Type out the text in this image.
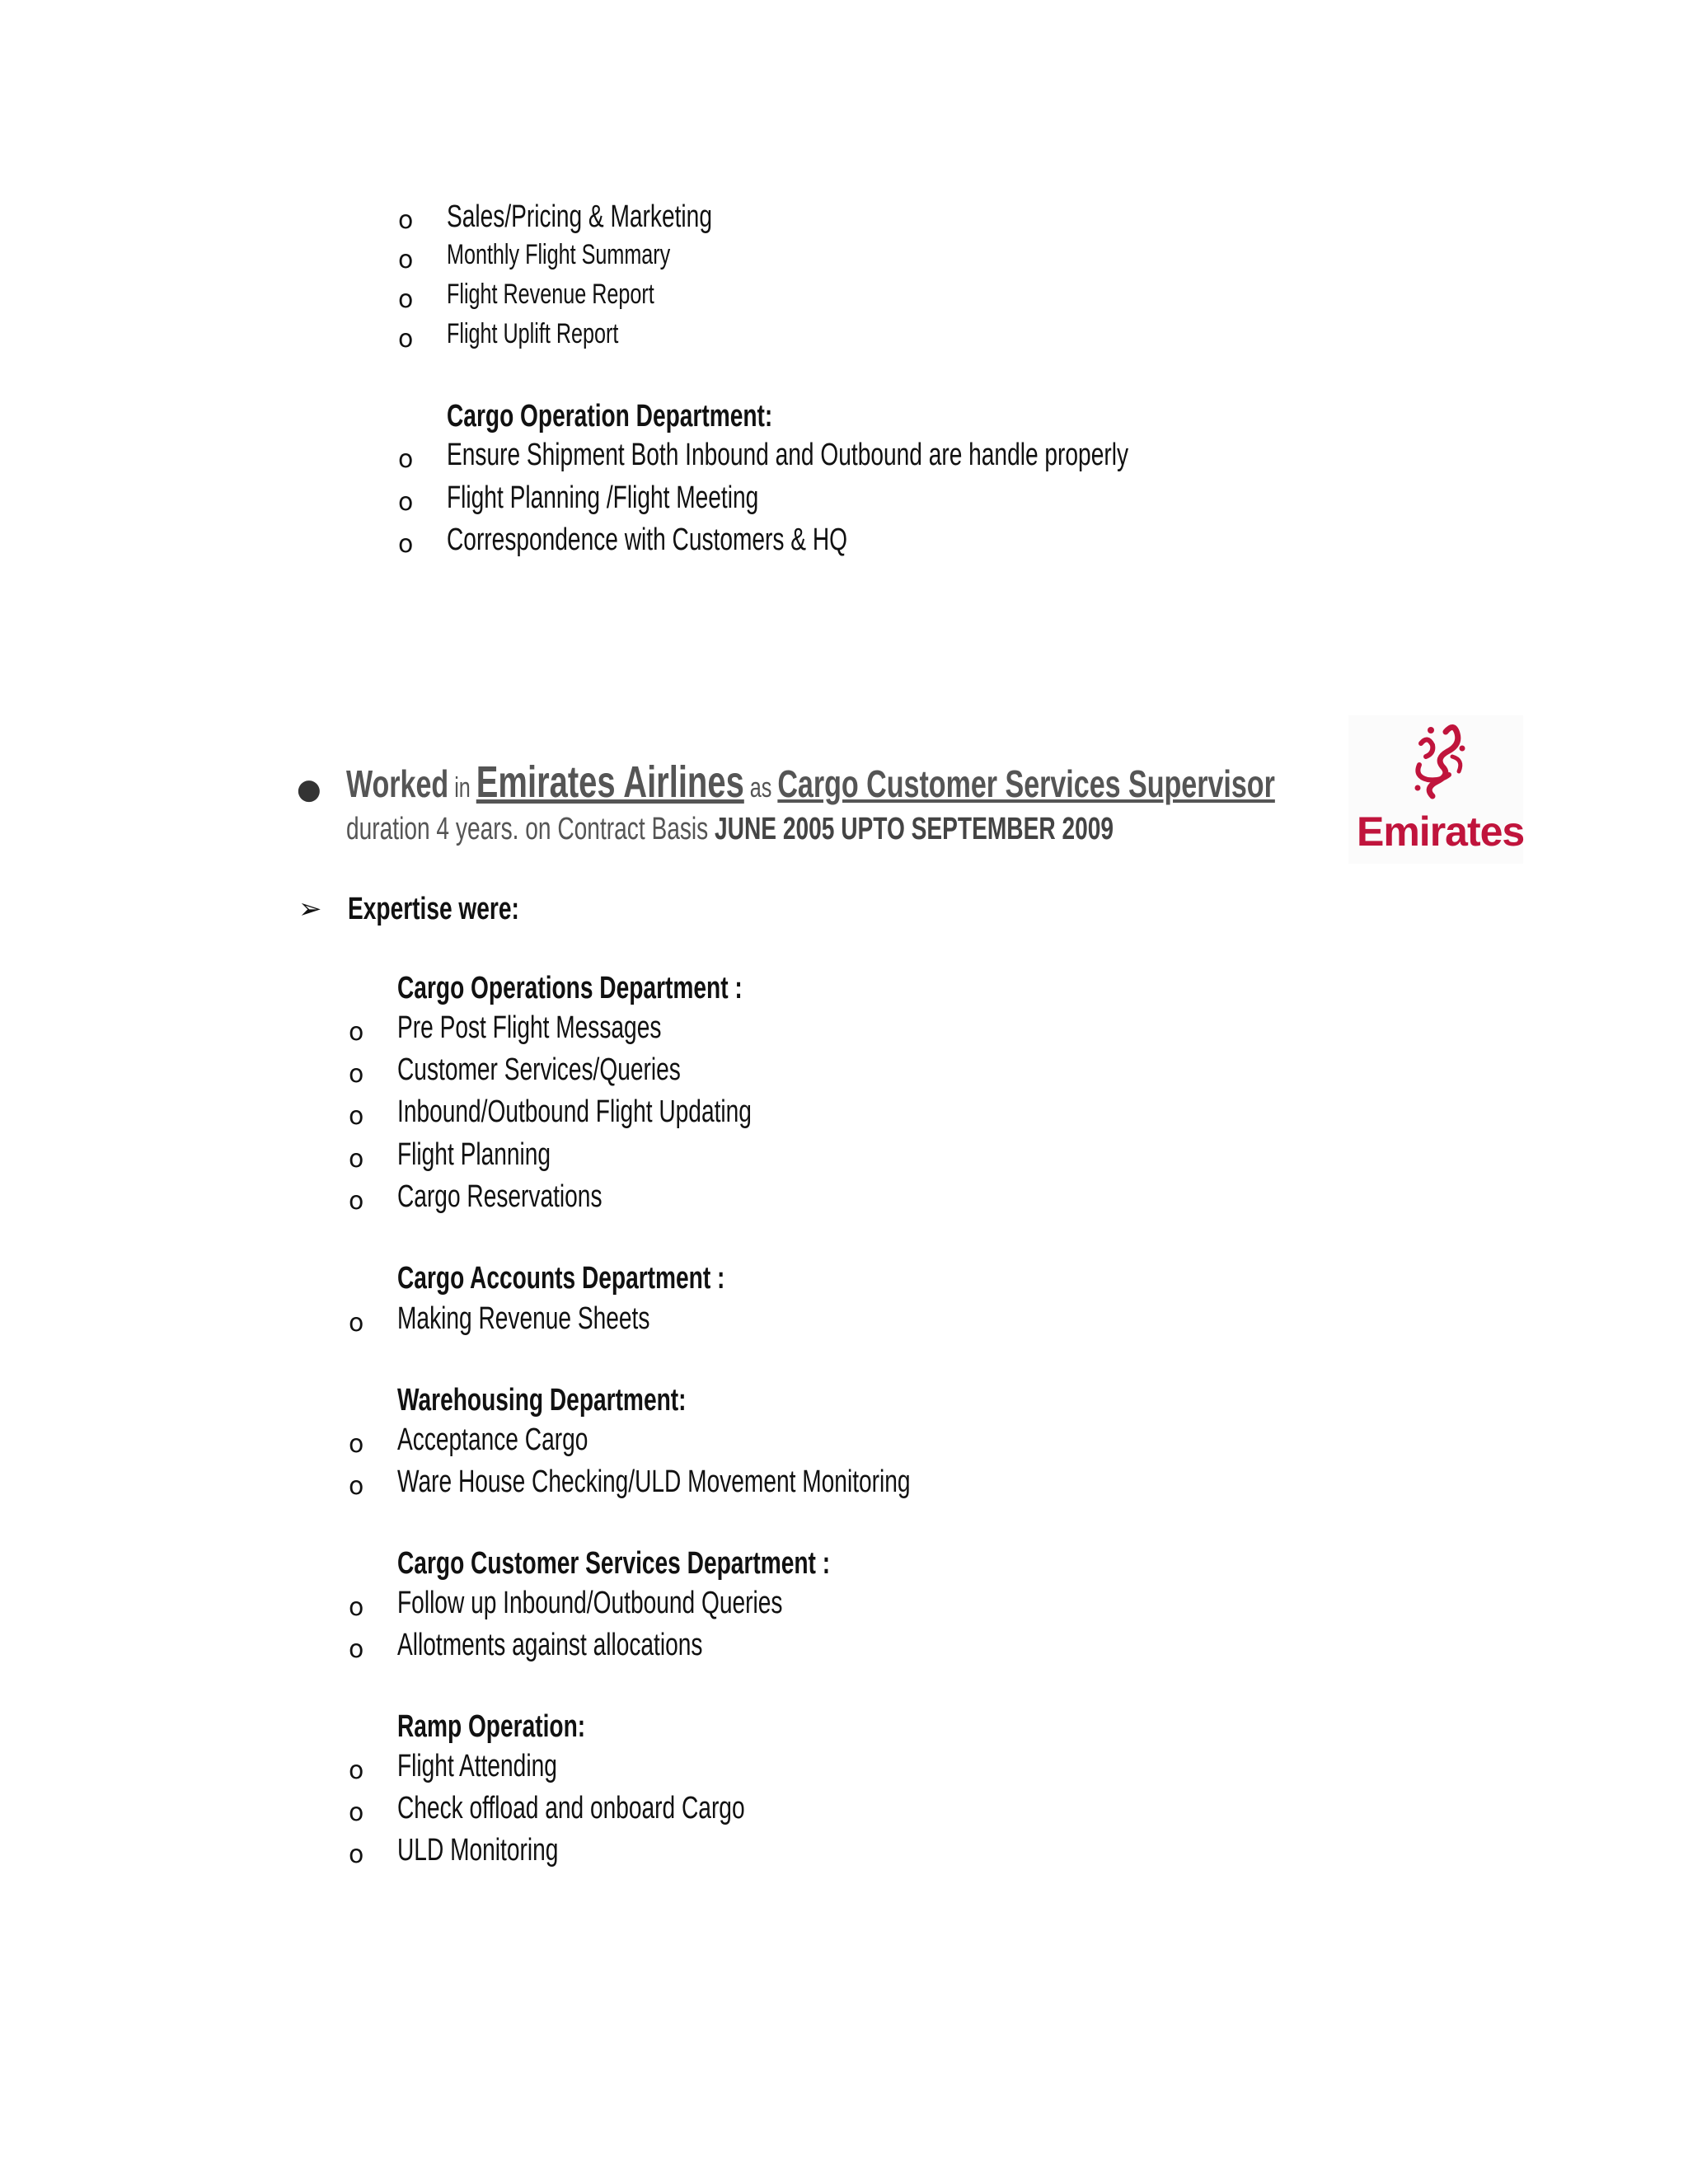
o Sales/Pricing & Marketing
o Monthly Flight Summary
o Flight Revenue Report
o Flight Uplift Report
Cargo Operation Department:
o Ensure Shipment Both Inbound and Outbound are handle properly
o Flight Planning /Flight Meeting
o Correspondence with Customers & HQ
● Worked in Emirates Airlines as Cargo Customer Services Supervisor
duration 4 years. on Contract Basis JUNE 2005 UPTO SEPTEMBER 2009	Emirates
➢ Expertise were:
Cargo Operations Department :
o Pre Post Flight Messages
o Customer Services/Queries
o Inbound/Outbound Flight Updating
o Flight Planning
o Cargo Reservations
Cargo Accounts Department :
o Making Revenue Sheets
Warehousing Department:
o Acceptance Cargo
o Ware House Checking/ULD Movement Monitoring
Cargo Customer Services Department :
o Follow up Inbound/Outbound Queries
o Allotments against allocations
Ramp Operation:
o Flight Attending
o Check offload and onboard Cargo
o ULD Monitoring
